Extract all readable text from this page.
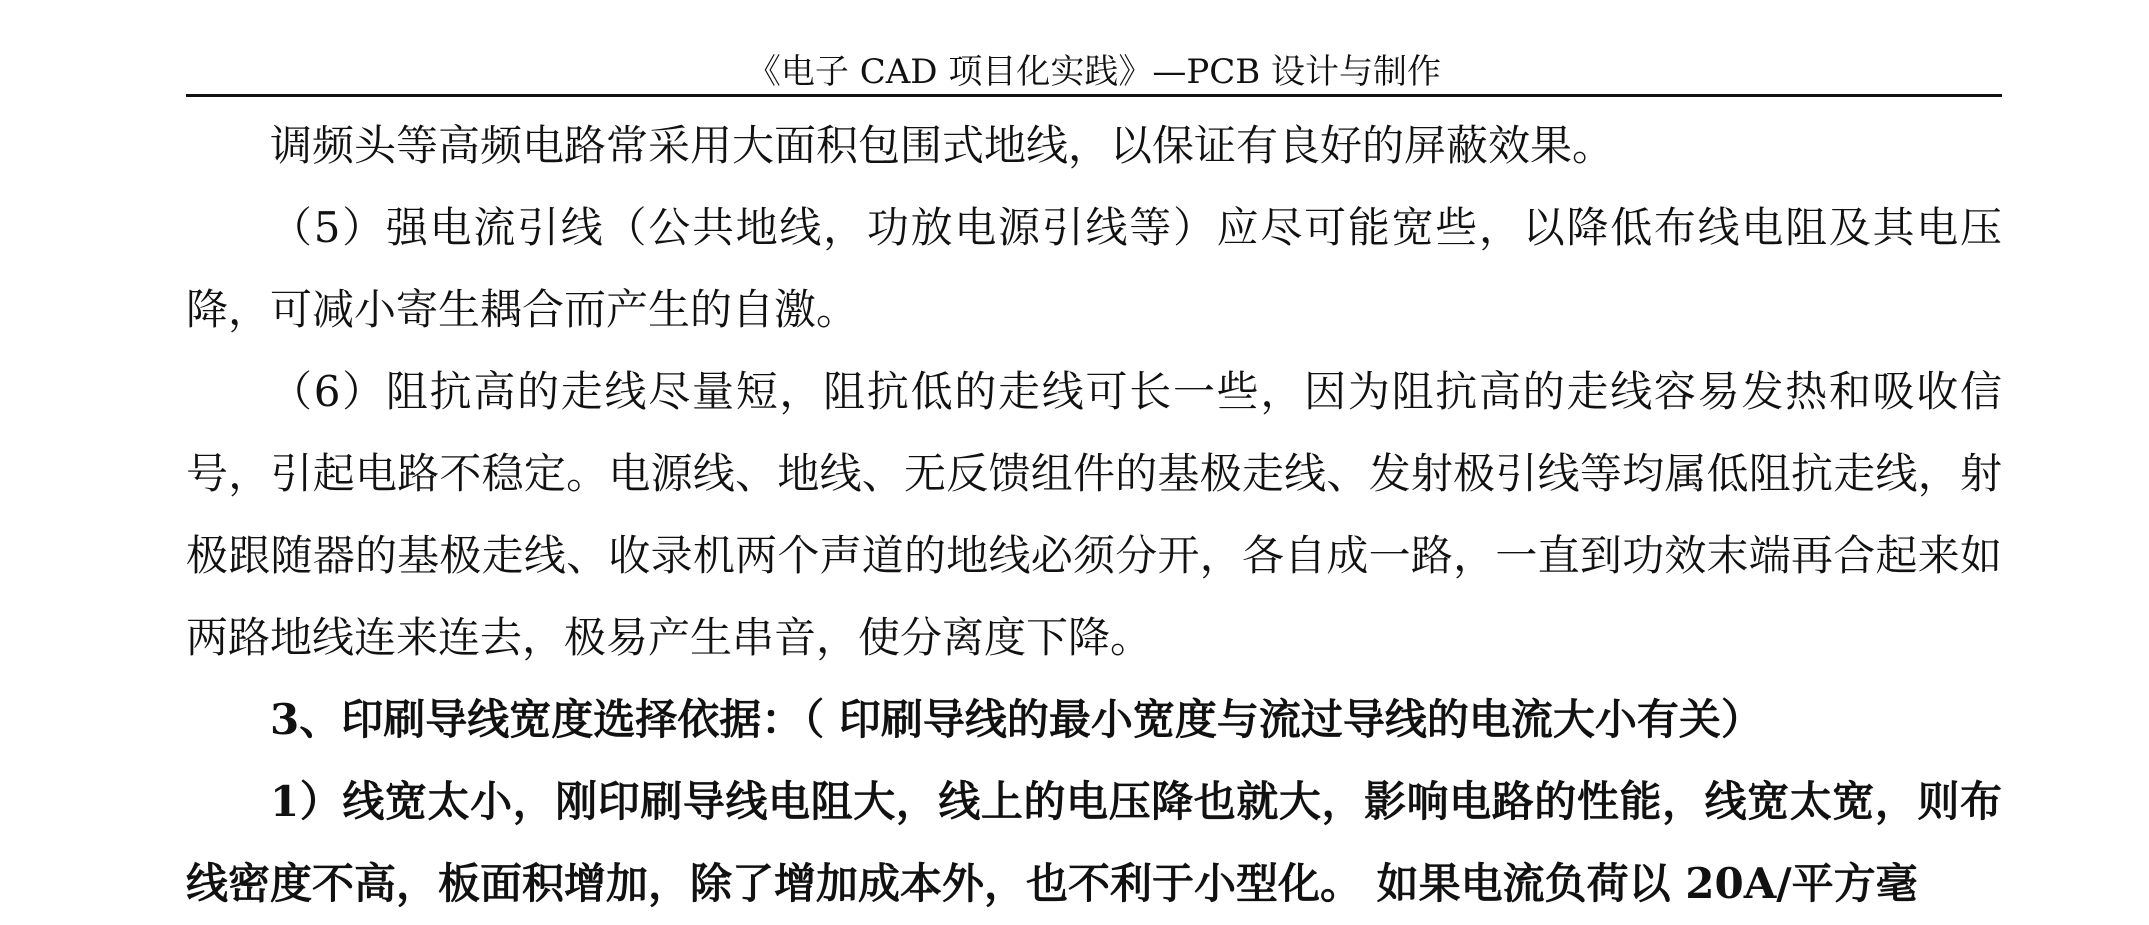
《电子 CAD 项目化实践》—PCB 设计与制作

调频头等高频电路常采用大面积包围式地线，以保证有良好的屏蔽效果。

（5）强电流引线（公共地线，功放电源引线等）应尽可能宽些，以降低布线电阻及其电压降，可减小寄生耦合而产生的自激。

（6）阻抗高的走线尽量短，阻抗低的走线可长一些，因为阻抗高的走线容易发热和吸收信号，引起电路不稳定。电源线、地线、无反馈组件的基极走线、发射极引线等均属低阻抗走线，射极跟随器的基极走线、收录机两个声道的地线必须分开，各自成一路，一直到功效末端再合起来如两路地线连来连去，极易产生串音，使分离度下降。

3、印刷导线宽度选择依据：（ 印刷导线的最小宽度与流过导线的电流大小有关）

1）线宽太小，刚印刷导线电阻大，线上的电压降也就大，影响电路的性能，线宽太宽，则布线密度不高，板面积增加，除了增加成本外，也不利于小型化。 如果电流负荷以 20A/平方毫
